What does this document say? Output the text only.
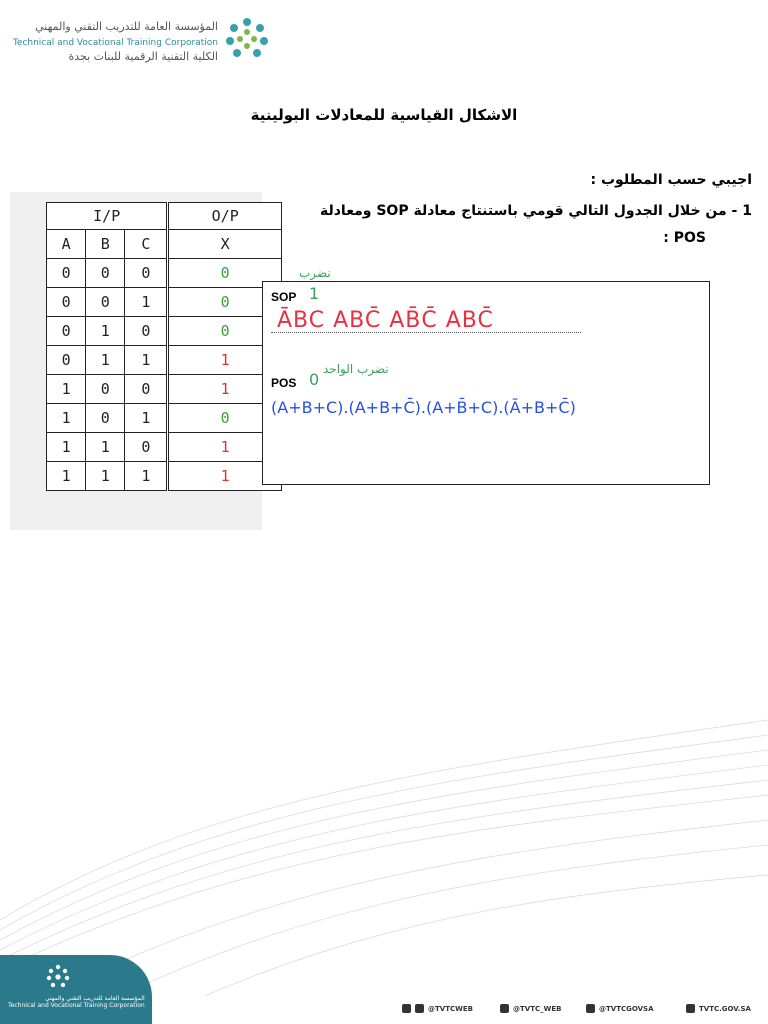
المؤسسة العامة للتدريب التقني والمهني
Technical and Vocational Training Corporation
الكلية التقنية الرقمية للبنات بجدة
الاشكال القياسية للمعادلات البولينية
اجيبي حسب المطلوب :
1 - من خلال الجدول التالي قومي باستنتاج معادلة SOP ومعادلة
POS :
I/P			O/P
A	B	C	X
0	0	0	0
0	0	1	0
0	1	0	0
0	1	1	1
1	0	0	1
1	0	1	0
1	1	0	1
1	1	1	1
SOP 1
نضرب
ĀBC ABC̄ AB̄C̄ ABC̄
POS 0
نضرب الواحد
(A+B+C).(A+B+C̄).(A+B̄+C).(Ā+B+C̄)
المؤسسة العامة للتدريب التقني والمهني
Technical and Vocational Training Corporation	@TVTCWEB	@TVTC_WEB	@TVTCGOVSA	TVTC.GOV.SA
